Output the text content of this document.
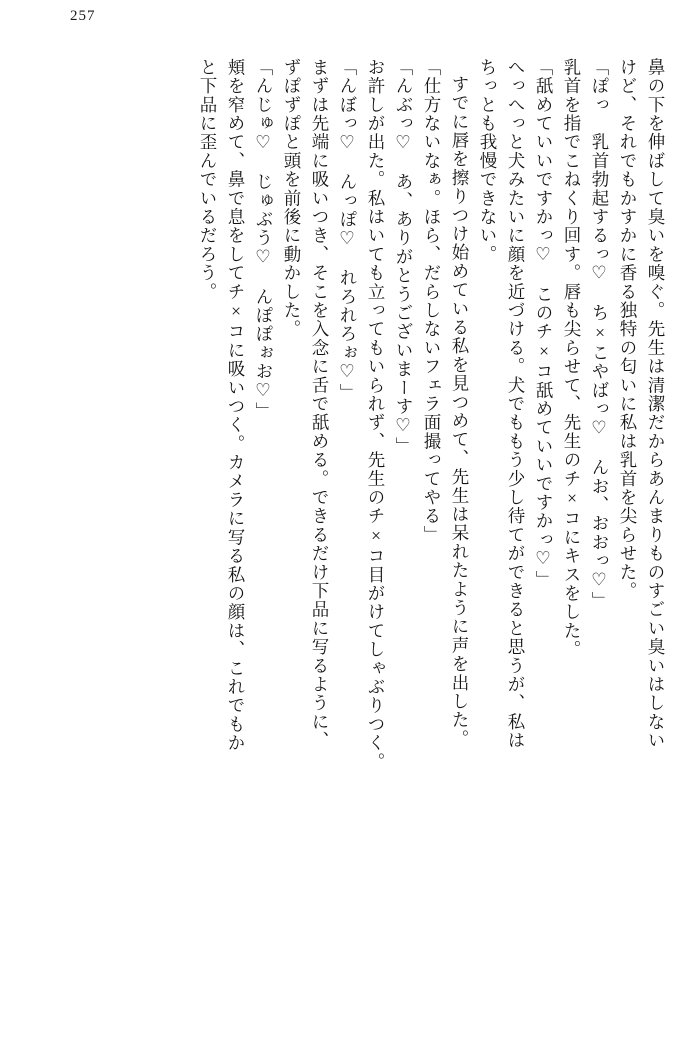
257
鼻の下を伸ばして臭いを嗅ぐ。先生は清潔だからあんまりものすごい臭いはしない
けど、それでもかすかに香る独特の匂いに私は乳首を尖らせた。
「ぽっ　乳首勃起するっ♡　ち×こやばっ♡　んお、おおっ♡」
乳首を指でこねくり回す。唇も尖らせて、先生のチ×コにキスをした。
「舐めていいですかっ♡　このチ×コ舐めていいですかっ♡」
へっへっと犬みたいに顔を近づける。犬でももう少し待てができると思うが、私は
ちっとも我慢できない。
すでに唇を擦りつけ始めている私を見つめて、先生は呆れたように声を出した。
「仕方ないなぁ。ほら、だらしないフェラ面撮ってやる」
「んぶっ♡　あ、ありがとうございまーす♡」
お許しが出た。私はいても立ってもいられず、先生のチ×コ目がけてしゃぶりつく。
「んぼっ♡　んっぽ♡　れろれろぉ♡」
まずは先端に吸いつき、そこを入念に舌で舐める。できるだけ下品に写るように、
ずぽずぽと頭を前後に動かした。
「んじゅ♡　じゅぶう♡　んぽぽぉお♡」
頬を窄めて、鼻で息をしてチ×コに吸いつく。カメラに写る私の顔は、これでもか
と下品に歪んでいるだろう。
